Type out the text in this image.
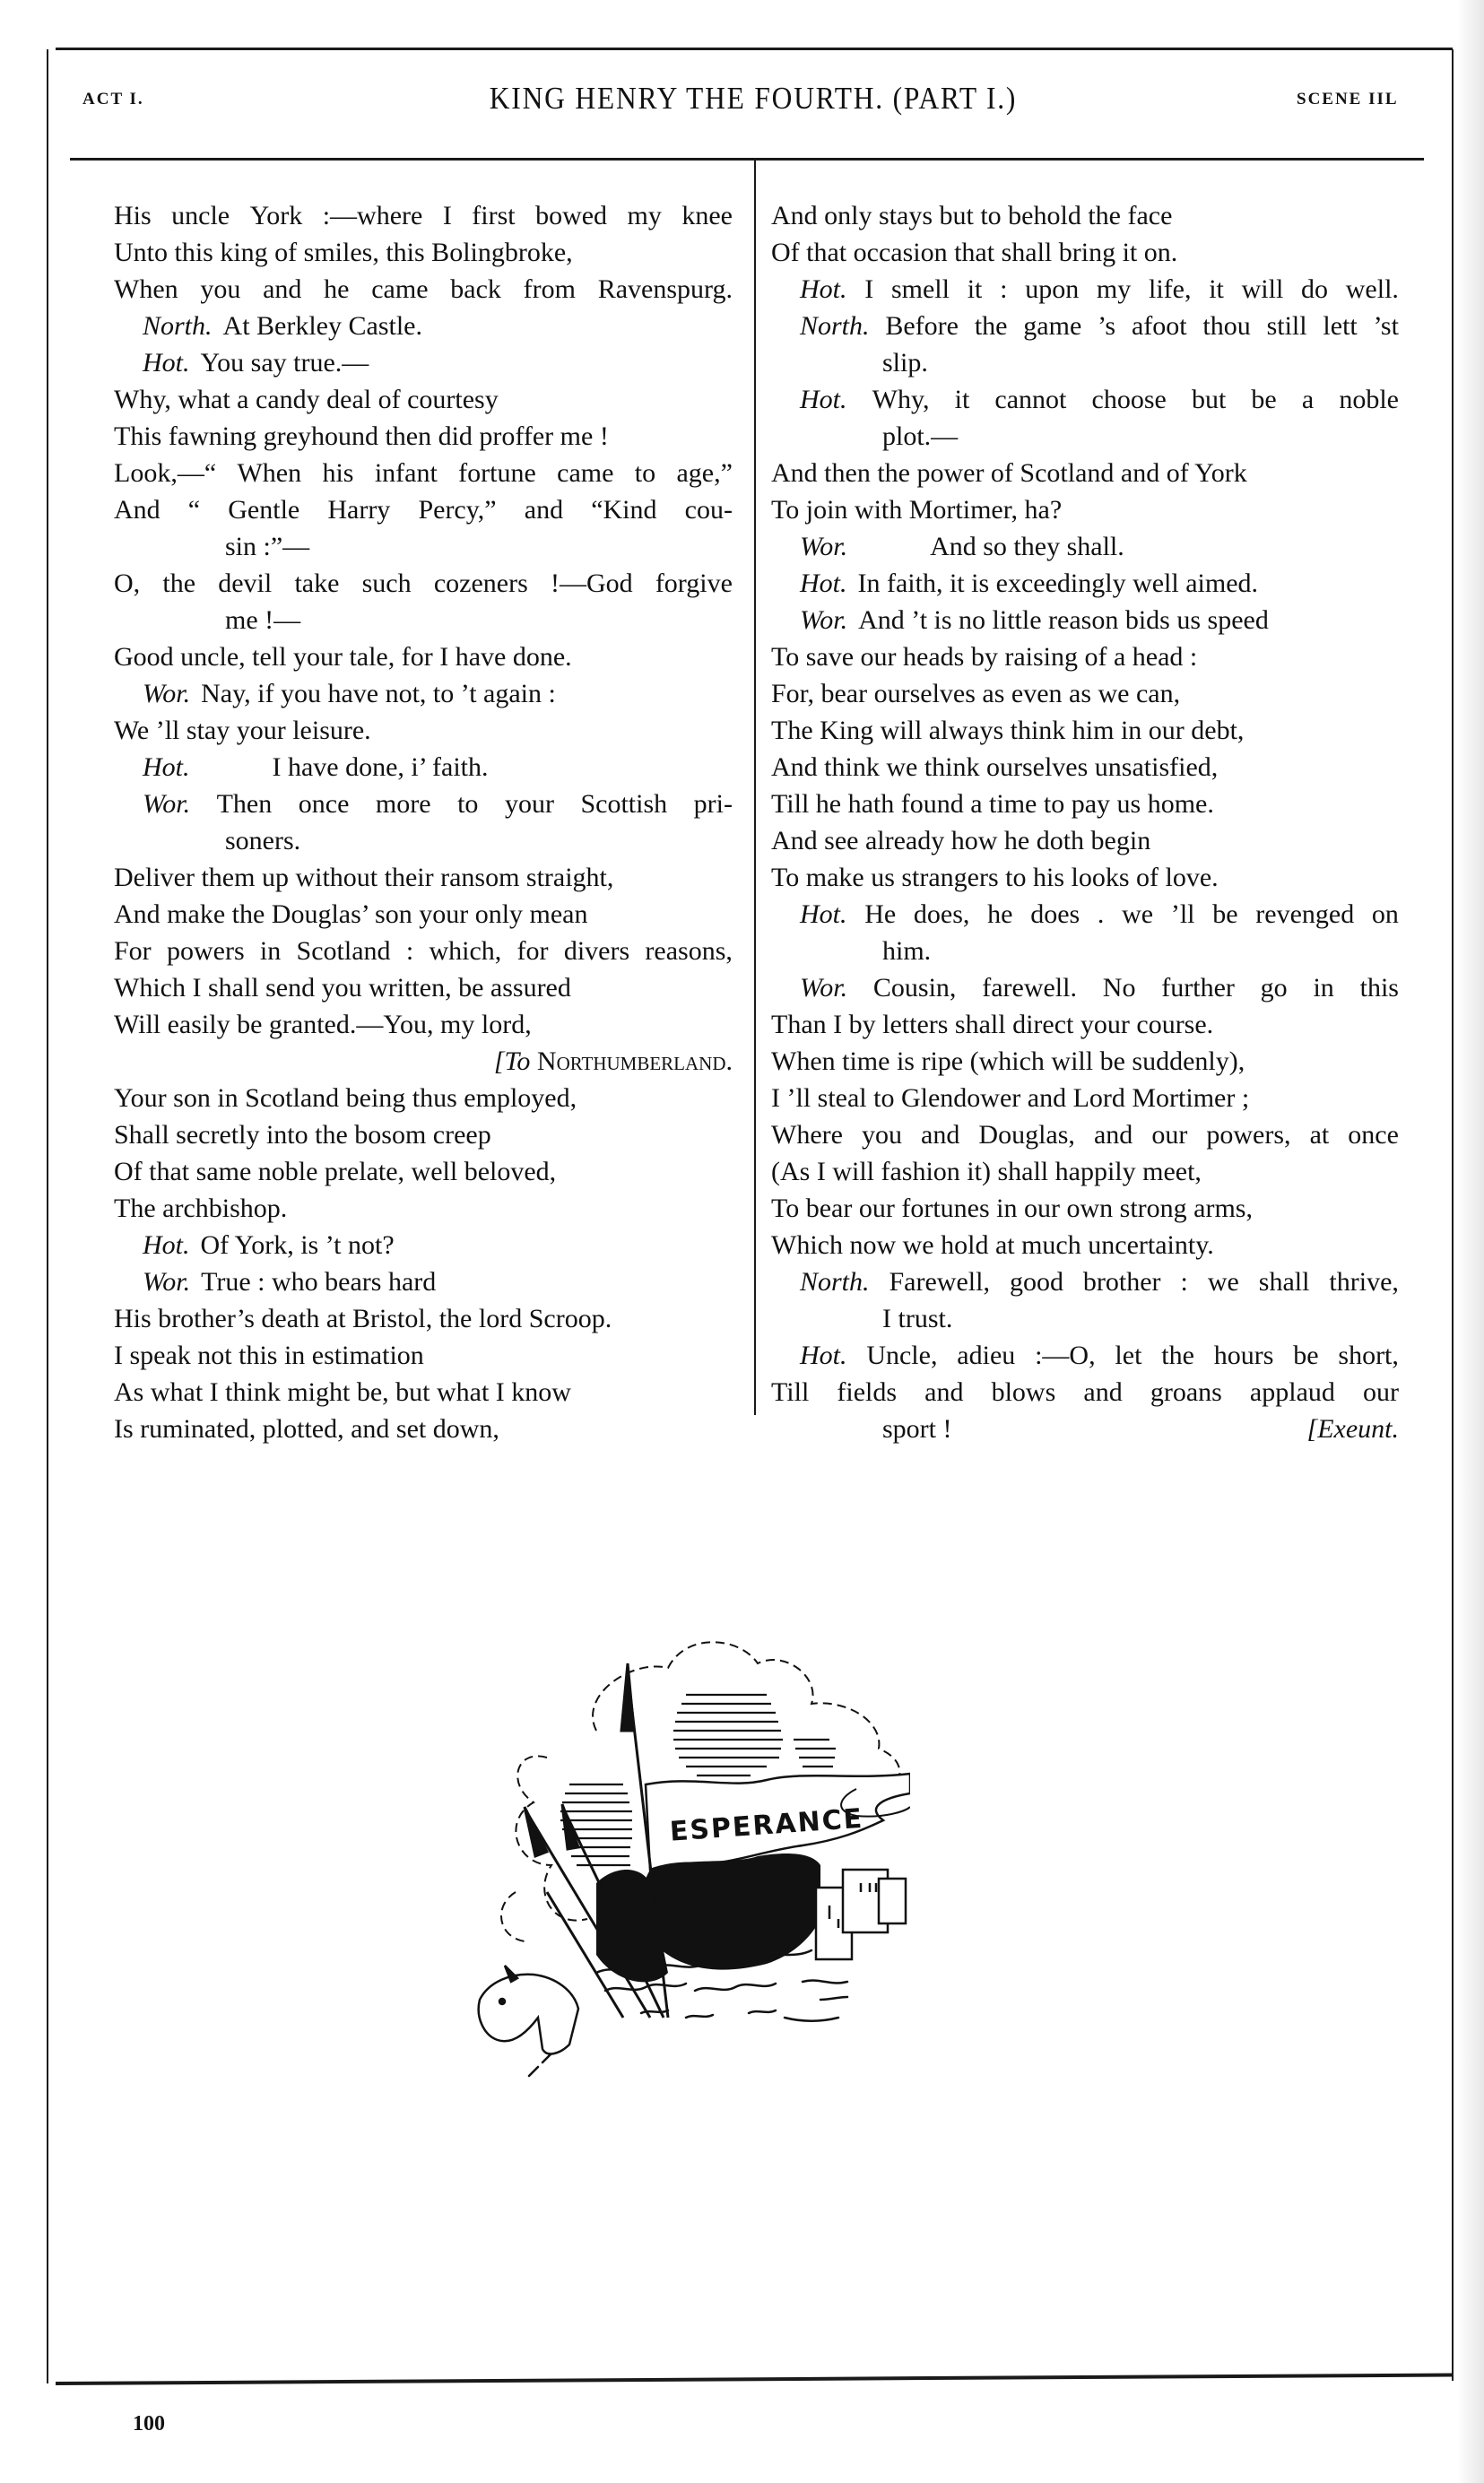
ACT I.	KING HENRY THE FOURTH. (PART I.)	SCENE IIL
His uncle York :—where I first bowed my knee
Unto this king of smiles, this Bolingbroke,
When you and he came back from Ravenspurg.
North. At Berkley Castle.
Hot. You say true.—
Why, what a candy deal of courtesy
This fawning greyhound then did proffer me !
Look,—“ When his infant fortune came to age,”
And “ Gentle Harry Percy,” and “Kind cou-
sin :”—
O, the devil take such cozeners !—God forgive
me !—
Good uncle, tell your tale, for I have done.
Wor. Nay, if you have not, to ’t again :
We ’ll stay your leisure.
Hot.	I have done, i’ faith.
Wor. Then once more to your Scottish pri-
soners.
Deliver them up without their ransom straight,
And make the Douglas’ son your only mean
For powers in Scotland : which, for divers reasons,
Which I shall send you written, be assured
Will easily be granted.—You, my lord,
[To Northumberland.
Your son in Scotland being thus employed,
Shall secretly into the bosom creep
Of that same noble prelate, well beloved,
The archbishop.
Hot. Of York, is ’t not?
Wor. True : who bears hard
His brother’s death at Bristol, the lord Scroop.
I speak not this in estimation
As what I think might be, but what I know
Is ruminated, plotted, and set down,
And only stays but to behold the face
Of that occasion that shall bring it on.
Hot. I smell it : upon my life, it will do well.
North. Before the game ’s afoot thou still lett ’st
slip.
Hot. Why, it cannot choose but be a noble
plot.—
And then the power of Scotland and of York
To join with Mortimer, ha?
Wor.	And so they shall.
Hot. In faith, it is exceedingly well aimed.
Wor. And ’t is no little reason bids us speed
To save our heads by raising of a head :
For, bear ourselves as even as we can,
The King will always think him in our debt,
And think we think ourselves unsatisfied,
Till he hath found a time to pay us home.
And see already how he doth begin
To make us strangers to his looks of love.
Hot. He does, he does . we ’ll be revenged on
him.
Wor. Cousin, farewell. No further go in this
Than I by letters shall direct your course.
When time is ripe (which will be suddenly),
I ’ll steal to Glendower and Lord Mortimer ;
Where you and Douglas, and our powers, at once
(As I will fashion it) shall happily meet,
To bear our fortunes in our own strong arms,
Which now we hold at much uncertainty.
North. Farewell, good brother : we shall thrive,
I trust.
Hot. Uncle, adieu :—O, let the hours be short,
Till fields and blows and groans applaud our
sport !	[Exeunt.
ESPERANCE
100
